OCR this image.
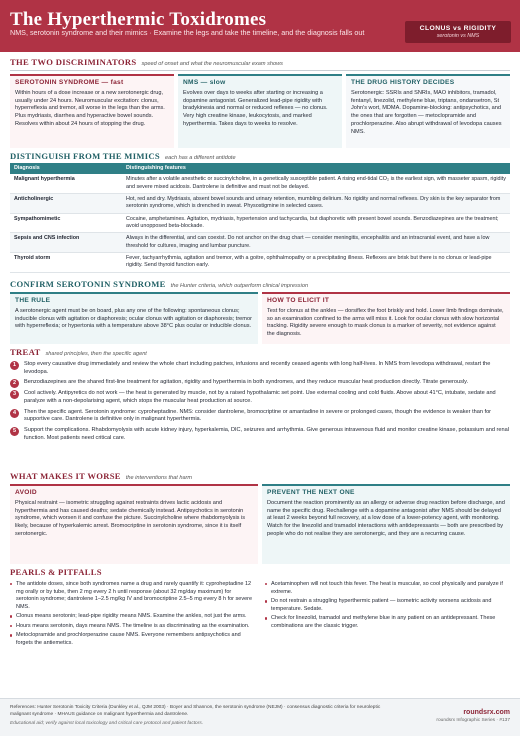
The Hyperthermic Toxidromes
NMS, serotonin syndrome and their mimics · Examine the legs and take the timeline, and the diagnosis falls out	CLONUS vs RIGIDITY
serotonin vs NMS
THE TWO DISCRIMINATORS speed of onset and what the neuromuscular exam shows
SEROTONIN SYNDROME — fast

Within hours of a dose increase or a new serotonergic drug, usually under 24 hours. Neuromuscular excitation: clonus, hyperreflexia and tremor, all worse in the legs than the arms. Plus mydriasis, diarrhea and hyperactive bowel sounds. Resolves within about 24 hours of stopping the drug.

NMS — slow

Evolves over days to weeks after starting or increasing a dopamine antagonist. Generalized lead-pipe rigidity with bradykinesia and normal or reduced reflexes — no clonus. Very high creatine kinase, leukocytosis, and marked hyperthermia. Takes days to weeks to resolve.

THE DRUG HISTORY DECIDES

Serotonergic: SSRIs and SNRIs, MAO inhibitors, tramadol, fentanyl, linezolid, methylene blue, triptans, ondansetron, St John's wort, MDMA. Dopamine-blocking: antipsychotics, and the ones that are forgotten — metoclopramide and prochlorperazine. Also abrupt withdrawal of levodopa causes NMS.

DISTINGUISH FROM THE MIMICS each has a different antidote
Diagnosis	Distinguishing features
Malignant hyperthermia	Minutes after a volatile anesthetic or succinylcholine, in a genetically susceptible patient. A rising end-tidal CO₂ is the earliest sign, with masseter spasm, rigidity and severe mixed acidosis. Dantrolene is definitive and must not be delayed.
Anticholinergic	Hot, red and dry. Mydriasis, absent bowel sounds and urinary retention, mumbling delirium. No rigidity and normal reflexes. Dry skin is the key separator from serotonin syndrome, which is drenched in sweat. Physostigmine in selected cases.
Sympathomimetic	Cocaine, amphetamines. Agitation, mydriasis, hypertension and tachycardia, but diaphoretic with present bowel sounds. Benzodiazepines are the treatment; avoid unopposed beta-blockade.
Sepsis and CNS infection	Always in the differential, and can coexist. Do not anchor on the drug chart — consider meningitis, encephalitis and an intracranial event, and have a low threshold for cultures, imaging and lumbar puncture.
Thyroid storm	Fever, tachyarrhythmia, agitation and tremor, with a goitre, ophthalmopathy or a precipitating illness. Reflexes are brisk but there is no clonus or lead-pipe rigidity. Send thyroid function early.
CONFIRM SEROTONIN SYNDROME the Hunter criteria, which outperform clinical impression
THE RULE

A serotonergic agent must be on board, plus any one of the following: spontaneous clonus; inducible clonus with agitation or diaphoresis; ocular clonus with agitation or diaphoresis; tremor with hyperreflexia; or hypertonia with a temperature above 38°C plus ocular or inducible clonus.

HOW TO ELICIT IT

Test for clonus at the ankles — dorsiflex the foot briskly and hold. Lower limb findings dominate, so an examination confined to the arms will miss it. Look for ocular clonus with slow horizontal tracking. Rigidity severe enough to mask clonus is a marker of severity, not evidence against the diagnosis.

TREAT shared principles, then the specific agent
1	Stop every causative drug immediately and review the whole chart including patches, infusions and recently ceased agents with long half-lives. In NMS from levodopa withdrawal, restart the levodopa.
2	Benzodiazepines are the shared first-line treatment for agitation, rigidity and hyperthermia in both syndromes, and they reduce muscular heat production directly. Titrate generously.
3	Cool actively. Antipyretics do not work — the heat is generated by muscle, not by a raised hypothalamic set point. Use external cooling and cold fluids. Above about 41°C, intubate, sedate and paralyze with a non-depolarising agent, which stops the muscular heat production at source.
4	Then the specific agent. Serotonin syndrome: cyproheptadine. NMS: consider dantrolene, bromocriptine or amantadine in severe or prolonged cases, though the evidence is weaker than for supportive care. Dantrolene is definitive only in malignant hyperthermia.
5	Support the complications. Rhabdomyolysis with acute kidney injury, hyperkalemia, DIC, seizures and arrhythmia. Give generous intravenous fluid and monitor creatine kinase, potassium and renal function. Most patients need critical care.
WHAT MAKES IT WORSE the interventions that harm
AVOID

Physical restraint — isometric struggling against restraints drives lactic acidosis and hyperthermia and has caused deaths; sedate chemically instead. Antipsychotics in serotonin syndrome, which worsen it and confuse the picture. Succinylcholine where rhabdomyolysis is likely, because of hyperkalemic arrest. Bromocriptine in serotonin syndrome, since it is itself serotonergic.

PREVENT THE NEXT ONE

Document the reaction prominently as an allergy or adverse drug reaction before discharge, and name the specific drug. Rechallenge with a dopamine antagonist after NMS should be delayed at least 2 weeks beyond full recovery, at a low dose of a lower-potency agent, with monitoring. Watch for the linezolid and tramadol interactions with antidepressants — both are prescribed by people who do not realise they are serotonergic, and they are a recurring cause.

PEARLS & PITFALLS
The antidote doses, since both syndromes name a drug and rarely quantify it: cyproheptadine 12 mg orally or by tube, then 2 mg every 2 h until response (about 32 mg/day maximum) for serotonin syndrome; dantrolene 1–2.5 mg/kg IV and bromocriptine 2.5–5 mg every 8 h for severe NMS.
Clonus means serotonin; lead-pipe rigidity means NMS. Examine the ankles, not just the arms.
Hours means serotonin, days means NMS. The timeline is as discriminating as the examination.
Metoclopramide and prochlorperazine cause NMS. Everyone remembers antipsychotics and forgets the antiemetics.
Acetaminophen will not touch this fever. The heat is muscular, so cool physically and paralyze if extreme.
Do not restrain a struggling hyperthermic patient — isometric activity worsens acidosis and temperature. Sedate.
Check for linezolid, tramadol and methylene blue in any patient on an antidepressant. These combinations are the classic trigger.
References: Hunter Serotonin Toxicity Criteria (Dunkley et al., QJM 2003) · Boyer and Shannon, the serotonin syndrome (NEJM) · consensus diagnostic criteria for neuroleptic malignant syndrome · MHAUS guidance on malignant hyperthermia and dantrolene.
Educational aid; verify against local toxicology and critical care protocol and patient factors.
roundsrx.com
roundsrx Infographic Series · #137
